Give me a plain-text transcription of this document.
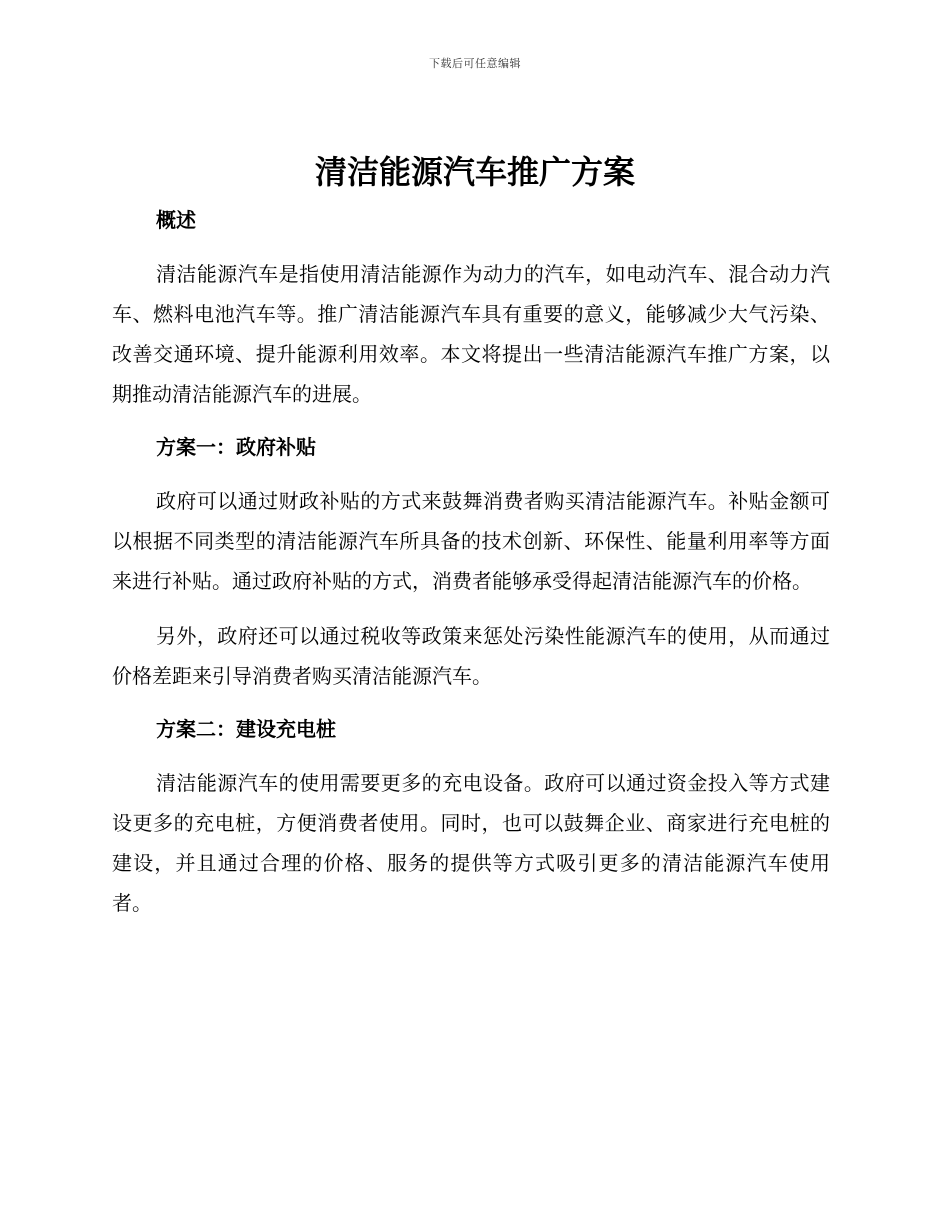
下载后可任意编辑
清洁能源汽车推广方案
概述

清洁能源汽车是指使用清洁能源作为动力的汽车，如电动汽车、混合动力汽车、燃料电池汽车等。推广清洁能源汽车具有重要的意义，能够减少大气污染、改善交通环境、提升能源利用效率。本文将提出一些清洁能源汽车推广方案，以期推动清洁能源汽车的进展。

方案一：政府补贴

政府可以通过财政补贴的方式来鼓舞消费者购买清洁能源汽车。补贴金额可以根据不同类型的清洁能源汽车所具备的技术创新、环保性、能量利用率等方面来进行补贴。通过政府补贴的方式，消费者能够承受得起清洁能源汽车的价格。

另外，政府还可以通过税收等政策来惩处污染性能源汽车的使用，从而通过价格差距来引导消费者购买清洁能源汽车。

方案二：建设充电桩

清洁能源汽车的使用需要更多的充电设备。政府可以通过资金投入等方式建设更多的充电桩，方便消费者使用。同时，也可以鼓舞企业、商家进行充电桩的建设，并且通过合理的价格、服务的提供等方式吸引更多的清洁能源汽车使用者。
